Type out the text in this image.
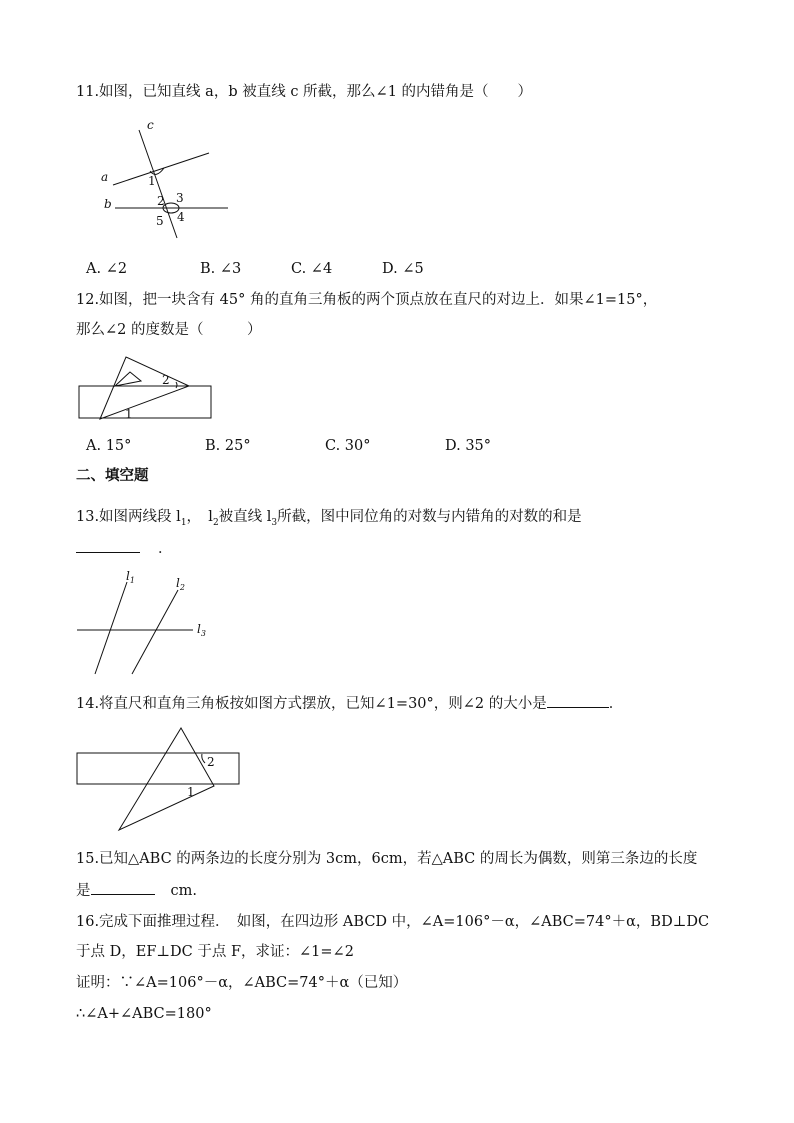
11.如图，已知直线 a，b 被直线 c 所截，那么∠1 的内错角是（　　）
c
a
b
1
2 3
4
5
A. ∠2	B. ∠3	C. ∠4	D. ∠5
12.如图，把一块含有 45° 角的直角三角板的两个顶点放在直尺的对边上．如果∠1=15°，
那么∠2 的度数是（　　　）
1
2
A. 15°	B. 25°	C. 30°	D. 35°
二、填空题
13.如图两线段 $l_1$，　$l_2$被直线 $l_3$所截，图中同位角的对数与内错角的对数的和是
．
$l_1$	$l_2$
$l_3$
14.将直尺和直角三角板按如图方式摆放，已知∠1=30°，则∠2 的大小是	．
1
2
15.已知△ABC 的两条边的长度分别为 3cm，6cm，若△ABC 的周长为偶数，则第三条边的长度
是	cm.
16.完成下面推理过程．　如图，在四边形 ABCD 中，∠A=106°－α，∠ABC=74°＋α，BD⊥DC
于点 D，EF⊥DC 于点 F，求证：∠1=∠2
证明：∵∠A=106°－α，∠ABC=74°＋α（已知）
∴∠A+∠ABC=180°
